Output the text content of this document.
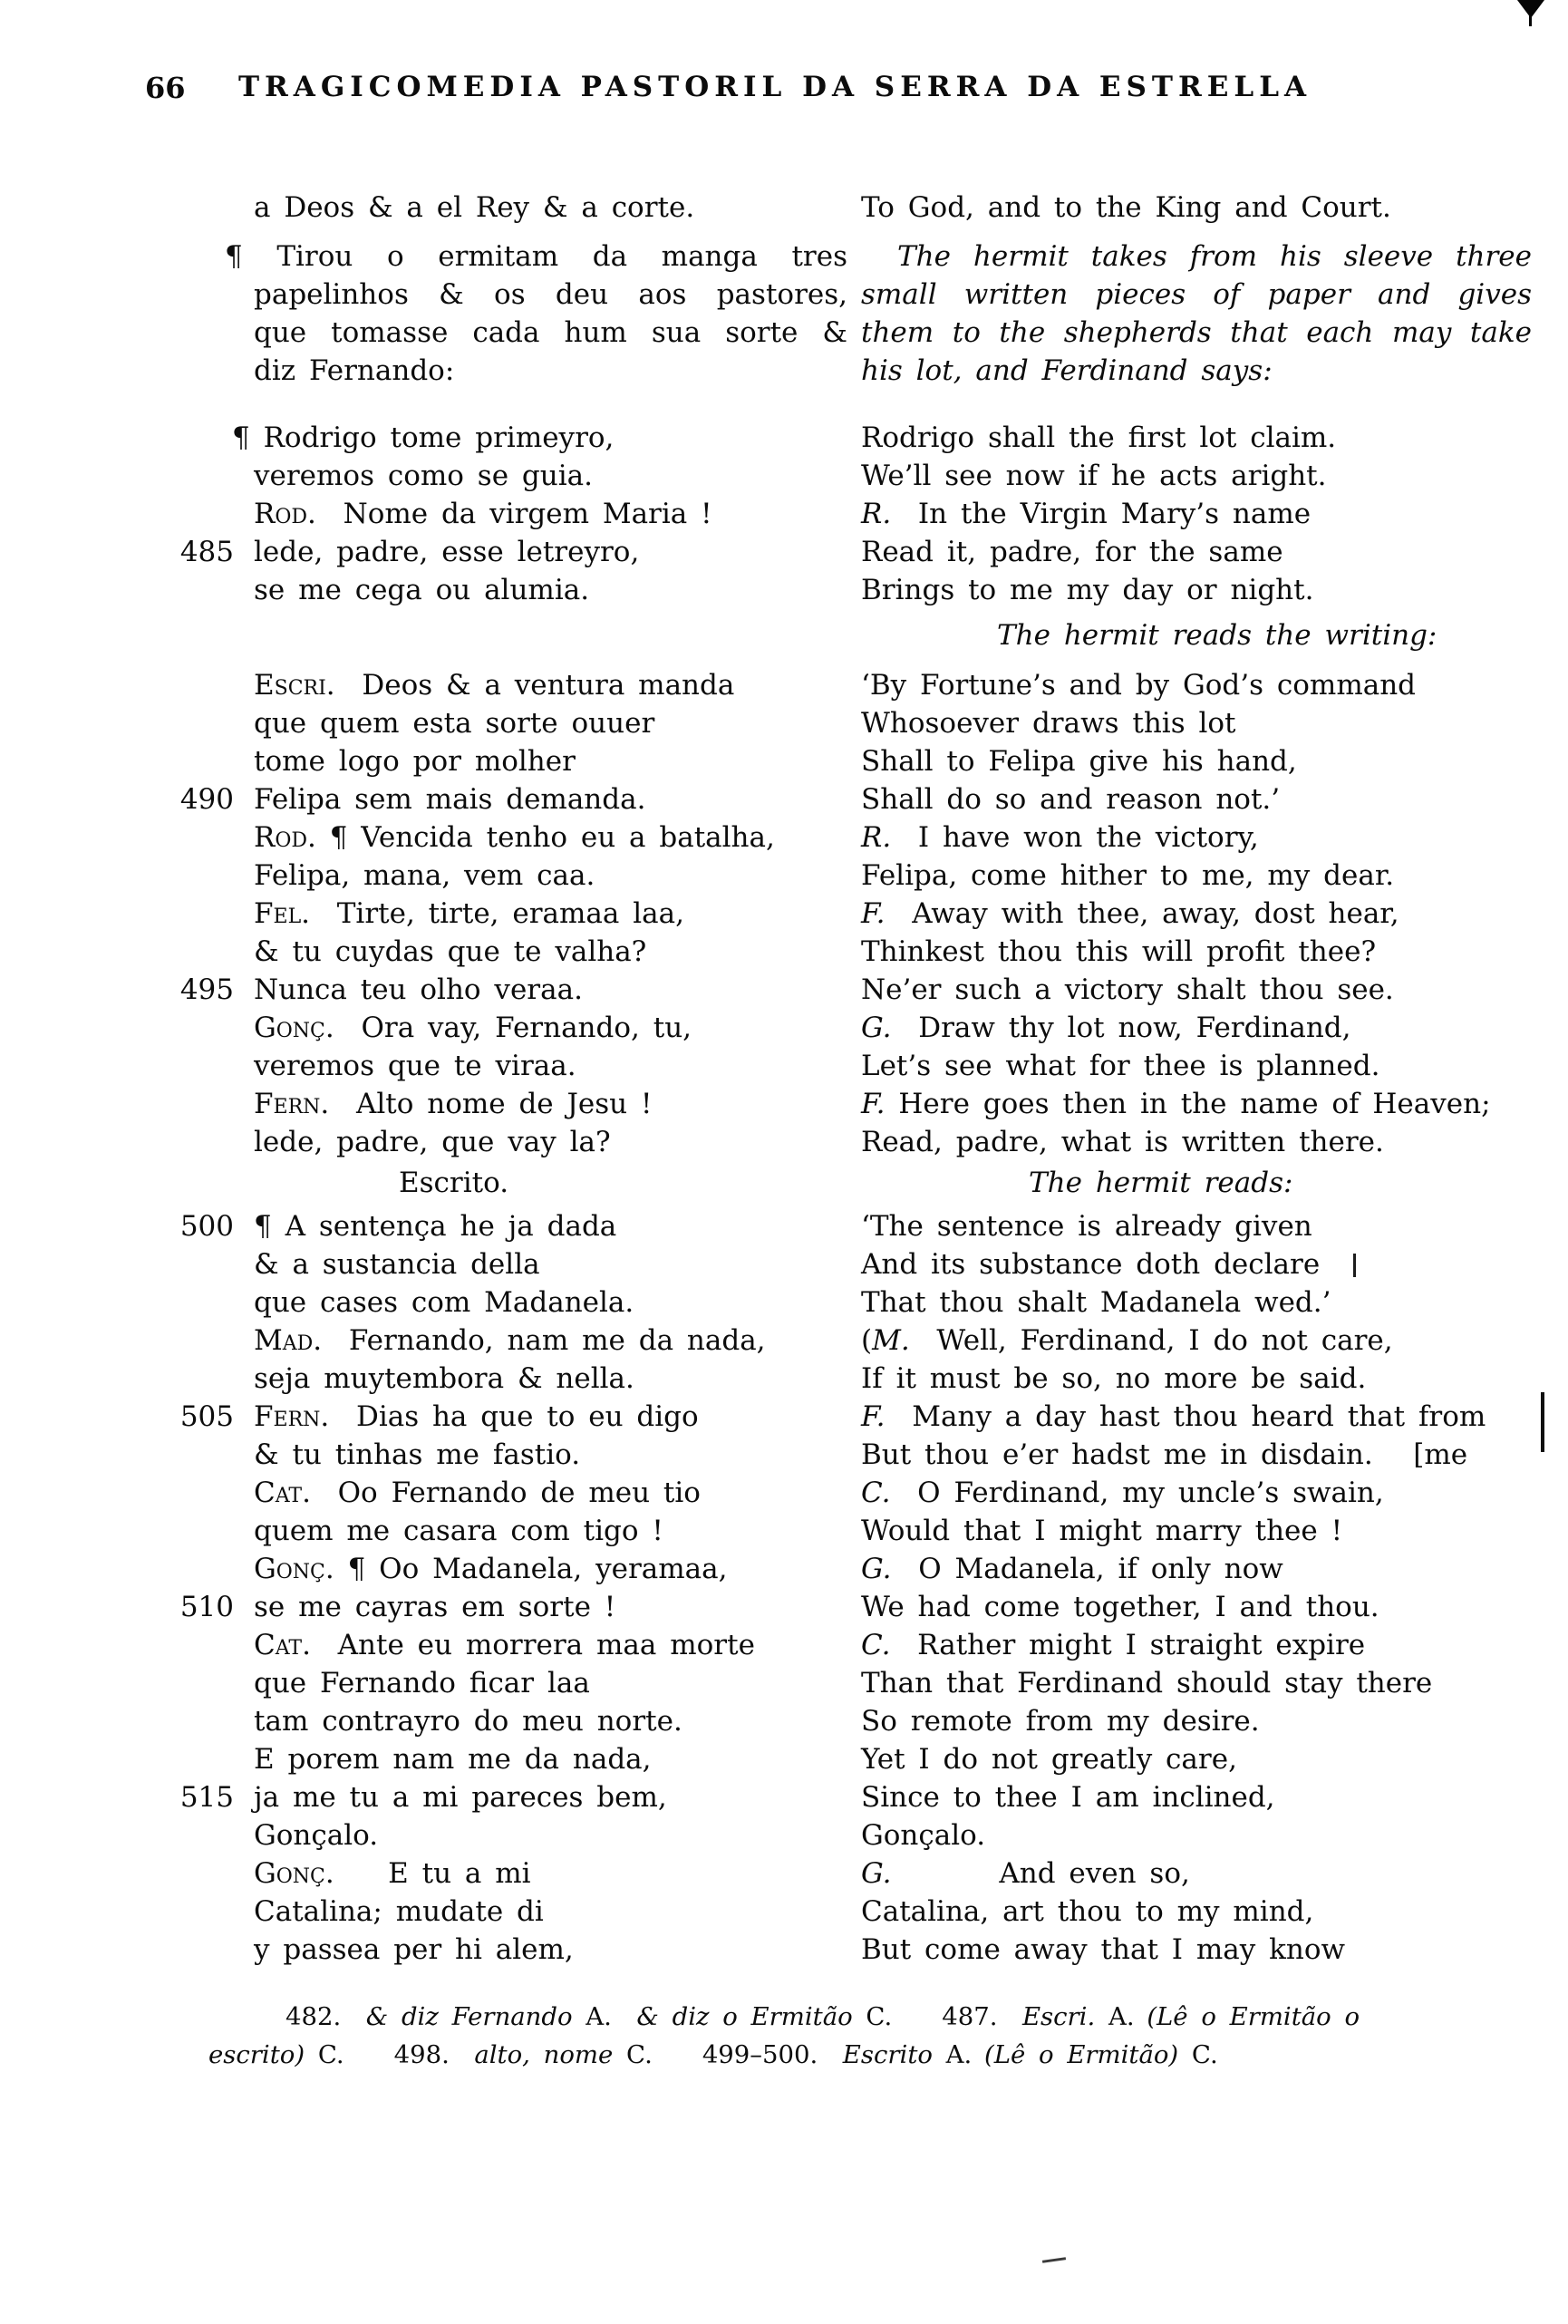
66	TRAGICOMEDIA PASTORIL DA SERRA DA ESTRELLA
a Deos & a el Rey & a corte.
¶ Tirou o ermitam da manga tres
papelinhos & os deu aos pastores,
que tomasse cada hum sua sorte &
diz Fernando:
¶ Rodrigo tome primeyro,
veremos como se guia.
Rod.  Nome da virgem Maria !
485 lede, padre, esse letreyro,
se me cega ou alumia.
Escri.  Deos & a ventura manda
que quem esta sorte ouuer
tome logo por molher
490 Felipa sem mais demanda.
Rod. ¶ Vencida tenho eu a batalha,
Felipa, mana, vem caa.
Fel.  Tirte, tirte, eramaa laa,
& tu cuydas que te valha?
495 Nunca teu olho veraa.
Gonç.  Ora vay, Fernando, tu,
veremos que te viraa.
Fern.  Alto nome de Jesu !
lede, padre, que vay la?
Escrito.
500 ¶ A sentença he ja dada
& a sustancia della
que cases com Madanela.
Mad.  Fernando, nam me da nada,
seja muytembora & nella.
505 Fern.  Dias ha que to eu digo
& tu tinhas me fastio.
Cat.  Oo Fernando de meu tio
quem me casara com tigo !
Gonç. ¶ Oo Madanela, yeramaa,
510 se me cayras em sorte !
Cat.  Ante eu morrera maa morte
que Fernando ficar laa
tam contrayro do meu norte.
E porem nam me da nada,
515 ja me tu a mi pareces bem,
Gonçalo.
Gonç.    E tu a mi
Catalina; mudate di
y passea per hi alem,
To God, and to the King and Court.
The hermit takes from his sleeve three
small written pieces of paper and gives
them to the shepherds that each may take
his lot, and Ferdinand says:
Rodrigo shall the first lot claim.
We’ll see now if he acts aright.
R.  In the Virgin Mary’s name
Read it, padre, for the same
Brings to me my day or night.
The hermit reads the writing:
‘By Fortune’s and by God’s command
Whosoever draws this lot
Shall to Felipa give his hand,
Shall do so and reason not.’
R.  I have won the victory,
Felipa, come hither to me, my dear.
F.  Away with thee, away, dost hear,
Thinkest thou this will profit thee?
Ne’er such a victory shalt thou see.
G.  Draw thy lot now, Ferdinand,
Let’s see what for thee is planned.
F. Here goes then in the name of Heaven;
Read, padre, what is written there.
The hermit reads:
‘The sentence is already given
And its substance doth declare
That thou shalt Madanela wed.’
(M.  Well, Ferdinand, I do not care,
If it must be so, no more be said.
F.  Many a day hast thou heard that from
But thou e’er hadst me in disdain.   [me
C.  O Ferdinand, my uncle’s swain,
Would that I might marry thee !
G.  O Madanela, if only now
We had come together, I and thou.
C.  Rather might I straight expire
Than that Ferdinand should stay there
So remote from my desire.
Yet I do not greatly care,
Since to thee I am inclined,
Gonçalo.
G.        And even so,
Catalina, art thou to my mind,
But come away that I may know
482.  & diz Fernando A.  & diz o Ermitão C.   487.  Escri. A. (Lê o Ermitão o
escrito) C.  498.  alto, nome C.  499–500.  Escrito A. (Lê o Ermitão) C.
